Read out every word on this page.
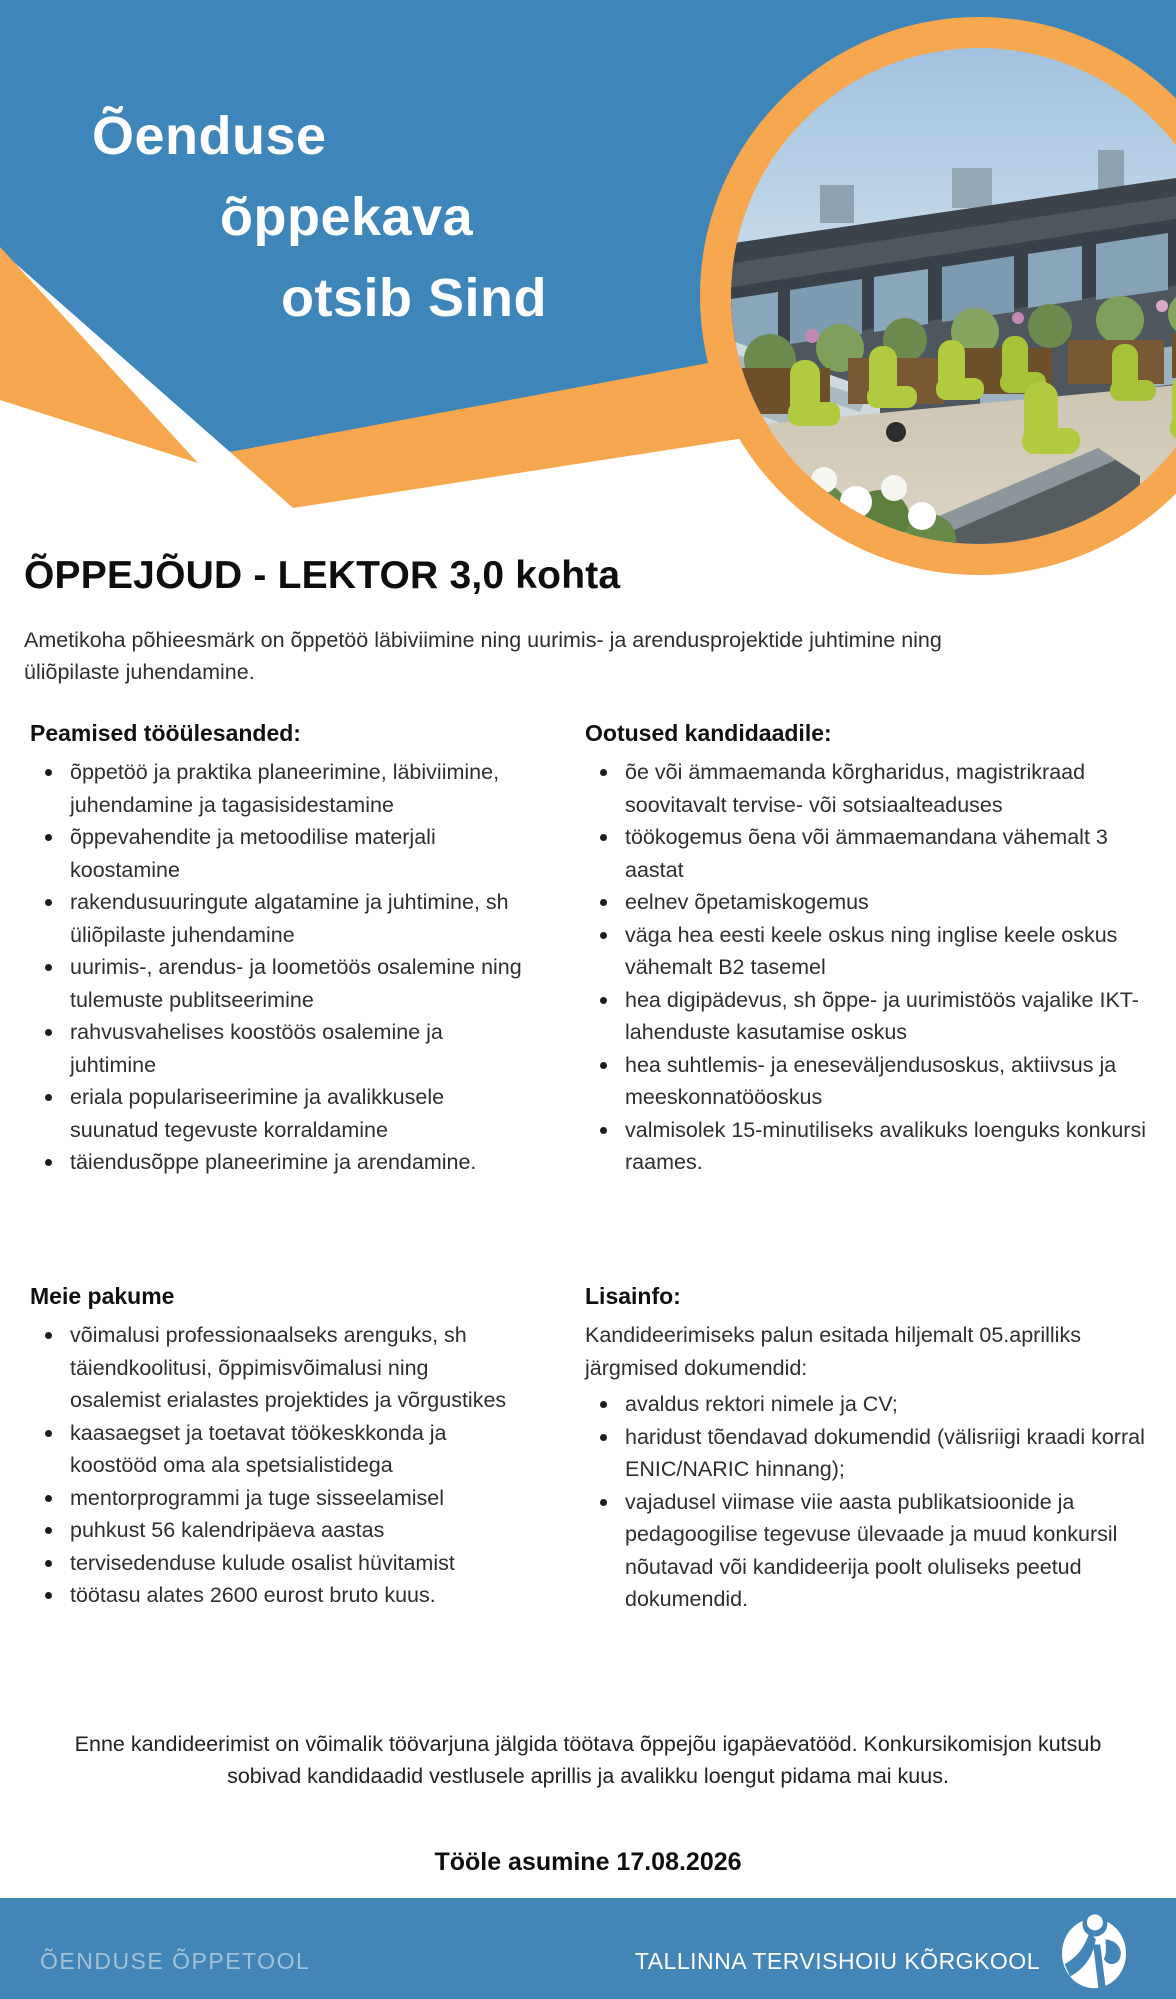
Õenduse
õppekava
otsib Sind
ÕPPEJÕUD - LEKTOR 3,0 kohta

Ametikoha põhieesmärk on õppetöö läbiviimine ning uurimis- ja arendusprojektide juhtimine ning üliõpilaste juhendamine.

Peamised tööülesanded:
õppetöö ja praktika planeerimine, läbiviimine, juhendamine ja tagasisidestamine
õppevahendite ja metoodilise materjali koostamine
rakendusuuringute algatamine ja juhtimine, sh üliõpilaste juhendamine
uurimis-, arendus- ja loometöös osalemine ning tulemuste publitseerimine
rahvusvahelises koostöös osalemine ja juhtimine
eriala populariseerimine ja avalikkusele suunatud tegevuste korraldamine
täiendusõppe planeerimine ja arendamine.
Ootused kandidaadile:
õe või ämmaemanda kõrgharidus, magistrikraad soovitavalt tervise- või sotsiaalteaduses
töökogemus õena või ämmaemandana vähemalt 3 aastat
eelnev õpetamiskogemus
väga hea eesti keele oskus ning inglise keele oskus vähemalt B2 tasemel
hea digipädevus, sh õppe- ja uurimistöös vajalike IKT-lahenduste kasutamise oskus
hea suhtlemis- ja eneseväljendusoskus, aktiivsus ja meeskonnatööoskus
valmisolek 15-minutiliseks avalikuks loenguks konkursi raames.
Meie pakume
võimalusi professionaalseks arenguks, sh täiendkoolitusi, õppimisvõimalusi ning osalemist erialastes projektides ja võrgustikes
kaasaegset ja toetavat töökeskkonda ja koostööd oma ala spetsialistidega
mentorprogrammi ja tuge sisseelamisel
puhkust 56 kalendripäeva aastas
tervisedenduse kulude osalist hüvitamist
töötasu alates 2600 eurost bruto kuus.
Lisainfo:

Kandideerimiseks palun esitada hiljemalt 05.aprilliks järgmised dokumendid:

avaldus rektori nimele ja CV;
haridust tõendavad dokumendid (välisriigi kraadi korral ENIC/NARIC hinnang);
vajadusel viimase viie aasta publikatsioonide ja pedagoogilise tegevuse ülevaade ja muud konkursil nõutavad või kandideerija poolt oluliseks peetud dokumendid.

Enne kandideerimist on võimalik töövarjuna jälgida töötava õppejõu igapäevatööd. Konkursikomisjon kutsub sobivad kandidaadid vestlusele aprillis ja avalikku loengut pidama mai kuus.

Tööle asumine 17.08.2026
ÕENDUSE ÕPPETOOL	TALLINNA TERVISHOIU KÕRGKOOL
